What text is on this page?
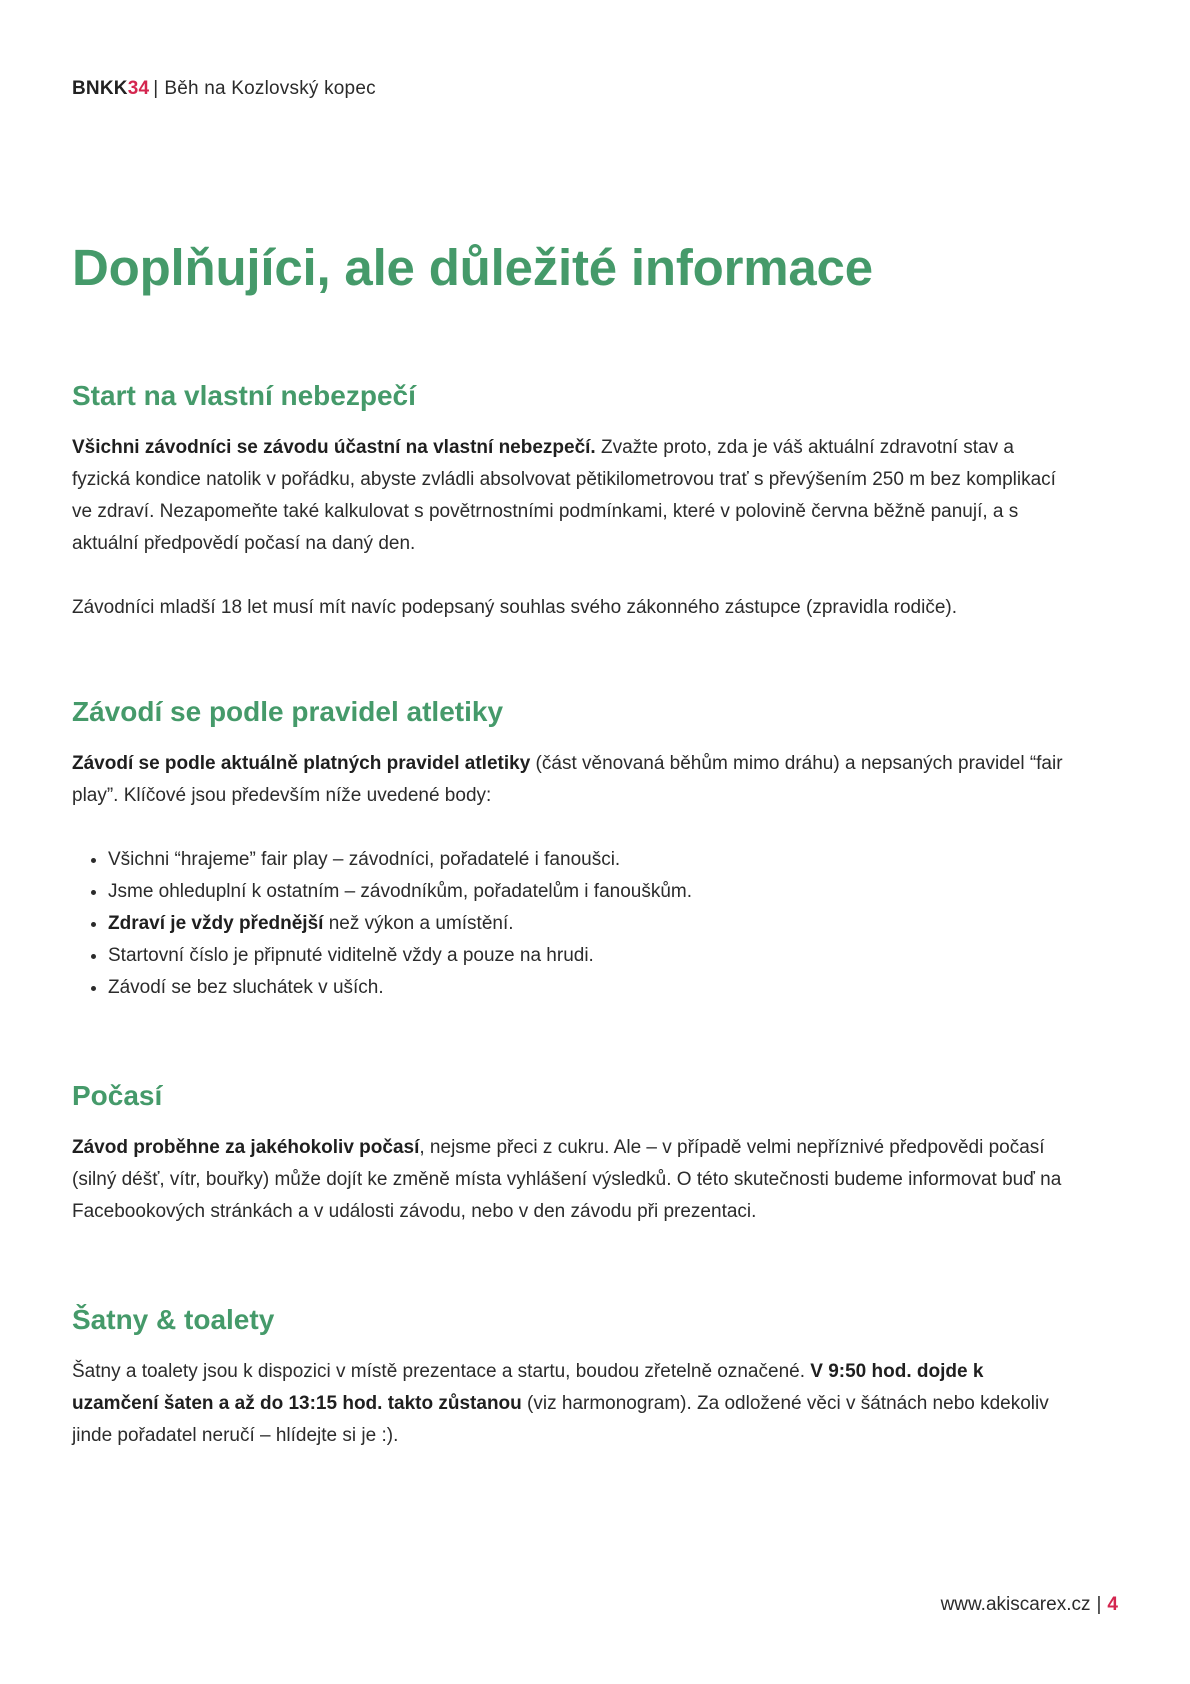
BNKK34 | Běh na Kozlovský kopec
Doplňujíci, ale důležité informace
Start na vlastní nebezpečí

Všichni závodníci se závodu účastní na vlastní nebezpečí. Zvažte proto, zda je váš aktuální zdravotní stav a fyzická kondice natolik v pořádku, abyste zvládli absolvovat pětikilometrovou trať s převýšením 250 m bez komplikací ve zdraví. Nezapomeňte také kalkulovat s povětrnostními podmínkami, které v polovině června běžně panují, a s aktuální předpovědí počasí na daný den.

Závodníci mladší 18 let musí mít navíc podepsaný souhlas svého zákonného zástupce (zpravidla rodiče).

Závodí se podle pravidel atletiky

Závodí se podle aktuálně platných pravidel atletiky (část věnovaná běhům mimo dráhu) a nepsaných pravidel “fair play”. Klíčové jsou především níže uvedené body:

• Všichni “hrajeme” fair play – závodníci, pořadatelé i fanoušci.
• Jsme ohleduplní k ostatním – závodníkům, pořadatelům i fanouškům.
• Zdraví je vždy přednější než výkon a umístění.
• Startovní číslo je připnuté viditelně vždy a pouze na hrudi.
• Závodí se bez sluchátek v uších.
Počasí

Závod proběhne za jakéhokoliv počasí, nejsme přeci z cukru. Ale – v případě velmi nepříznivé předpovědi počasí (silný déšť, vítr, bouřky) může dojít ke změně místa vyhlášení výsledků. O této skutečnosti budeme informovat buď na Facebookových stránkách a v události závodu, nebo v den závodu při prezentaci.

Šatny & toalety

Šatny a toalety jsou k dispozici v místě prezentace a startu, boudou zřetelně označené. V 9:50 hod. dojde k uzamčení šaten a až do 13:15 hod. takto zůstanou (viz harmonogram). Za odložené věci v šátnách nebo kdekoliv jinde pořadatel neručí – hlídejte si je :).

www.akiscarex.cz | 4
